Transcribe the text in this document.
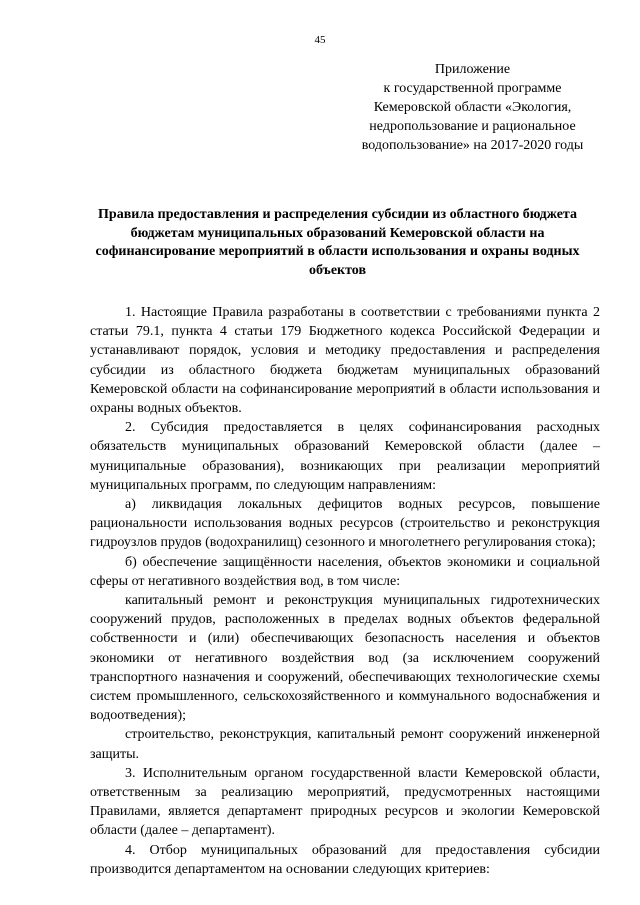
45
Приложение
к государственной программе
Кемеровской области «Экология,
недропользование и рациональное
водопользование» на 2017-2020 годы
Правила предоставления и распределения субсидии из областного бюджета бюджетам муниципальных образований Кемеровской области на софинансирование мероприятий в области использования и охраны водных объектов

1. Настоящие Правила разработаны в соответствии с требованиями пункта 2 статьи 79.1, пункта 4 статьи 179 Бюджетного кодекса Российской Федерации и устанавливают порядок, условия и методику предоставления и распределения субсидии из областного бюджета бюджетам муниципальных образований Кемеровской области на софинансирование мероприятий в области использования и охраны водных объектов.

2. Субсидия предоставляется в целях софинансирования расходных обязательств муниципальных образований Кемеровской области (далее – муниципальные образования), возникающих при реализации мероприятий муниципальных программ, по следующим направлениям:

а) ликвидация локальных дефицитов водных ресурсов, повышение рациональности использования водных ресурсов (строительство и реконструкция гидроузлов прудов (водохранилищ) сезонного и многолетнего регулирования стока);

б) обеспечение защищённости населения, объектов экономики и социальной сферы от негативного воздействия вод, в том числе:

капитальный ремонт и реконструкция муниципальных гидротехнических сооружений прудов, расположенных в пределах водных объектов федеральной собственности и (или) обеспечивающих безопасность населения и объектов экономики от негативного воздействия вод (за исключением сооружений транспортного назначения и сооружений, обеспечивающих технологические схемы систем промышленного, сельскохозяйственного и коммунального водоснабжения и водоотведения);

строительство, реконструкция, капитальный ремонт сооружений инженерной защиты.

3. Исполнительным органом государственной власти Кемеровской области, ответственным за реализацию мероприятий, предусмотренных настоящими Правилами, является департамент природных ресурсов и экологии Кемеровской области (далее – департамент).

4. Отбор муниципальных образований для предоставления субсидии производится департаментом на основании следующих критериев:
